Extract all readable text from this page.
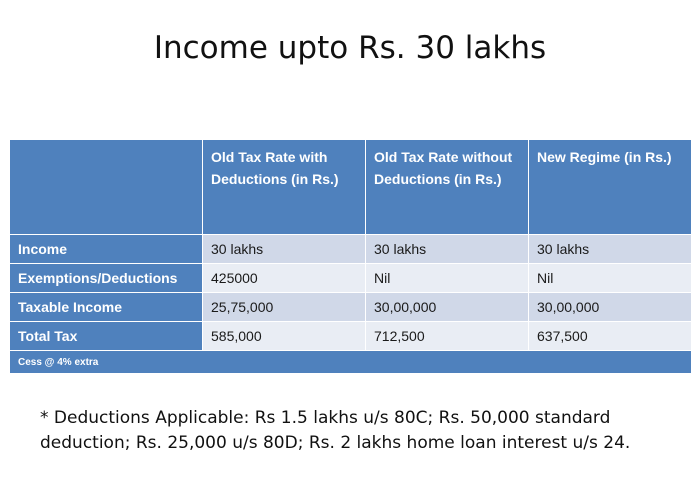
Income upto Rs. 30 lakhs
	Old Tax Rate with Deductions (in Rs.)	Old Tax Rate without Deductions (in Rs.)	New Regime (in Rs.)
Income	30 lakhs	30 lakhs	30 lakhs
Exemptions/Deductions	425000	Nil	Nil
Taxable Income	25,75,000	30,00,000	30,00,000
Total Tax	585,000	712,500	637,500
Cess @ 4% extra			
* Deductions Applicable: Rs 1.5 lakhs u/s 80C; Rs. 50,000 standard deduction; Rs. 25,000 u/s 80D; Rs. 2 lakhs home loan interest u/s 24.
